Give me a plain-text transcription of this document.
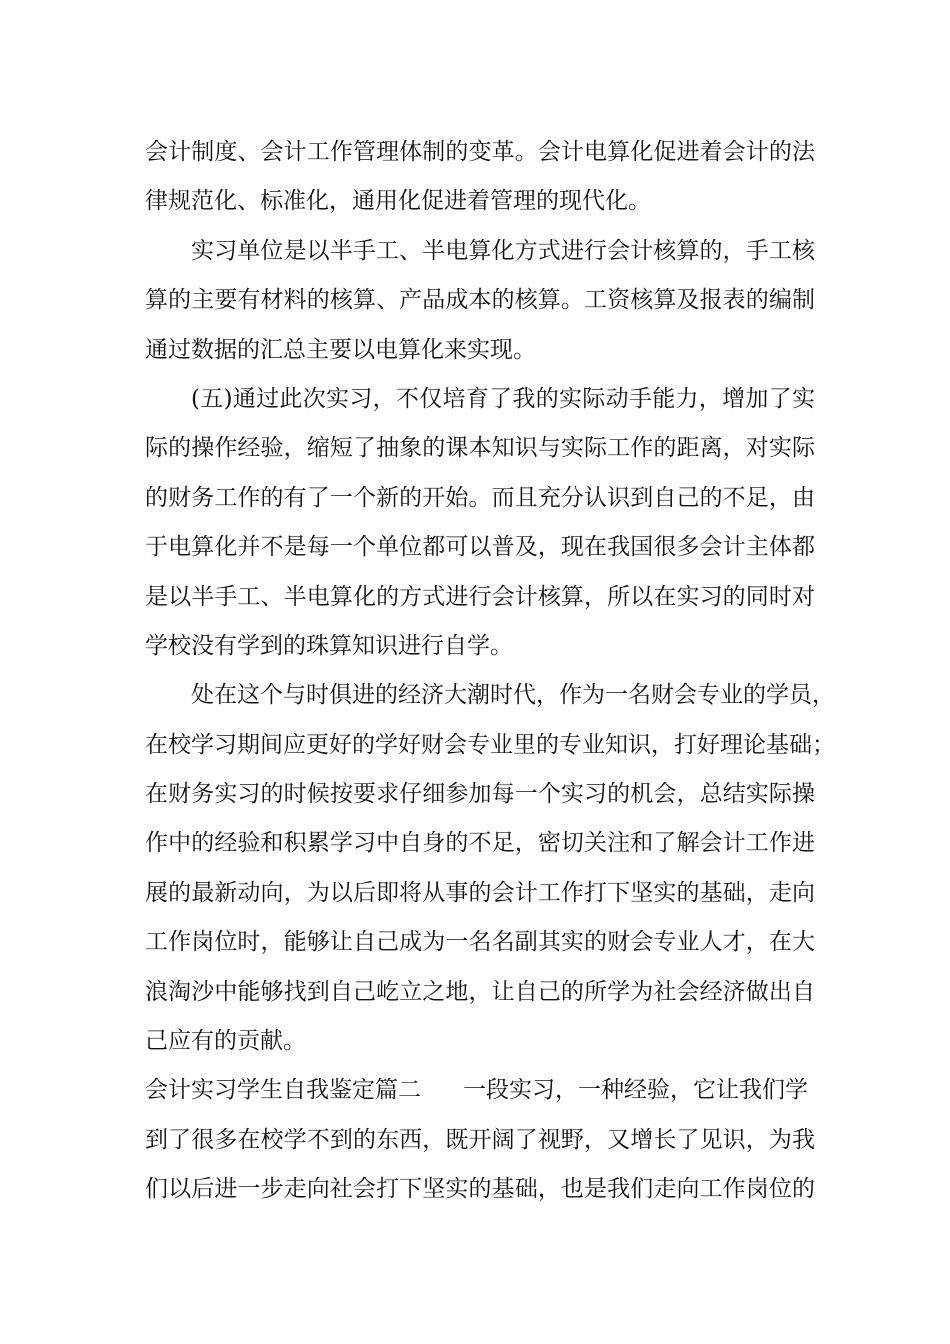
会计制度、会计工作管理体制的变革。会计电算化促进着会计的法
律规范化、标准化，通用化促进着管理的现代化。
实习单位是以半手工、半电算化方式进行会计核算的，手工核
算的主要有材料的核算、产品成本的核算。工资核算及报表的编制
通过数据的汇总主要以电算化来实现。
(五)通过此次实习，不仅培育了我的实际动手能力，增加了实
际的操作经验，缩短了抽象的课本知识与实际工作的距离，对实际
的财务工作的有了一个新的开始。而且充分认识到自己的不足，由
于电算化并不是每一个单位都可以普及，现在我国很多会计主体都
是以半手工、半电算化的方式进行会计核算，所以在实习的同时对
学校没有学到的珠算知识进行自学。
处在这个与时俱进的经济大潮时代，作为一名财会专业的学员，
在校学习期间应更好的学好财会专业里的专业知识，打好理论基础；
在财务实习的时候按要求仔细参加每一个实习的机会，总结实际操
作中的经验和积累学习中自身的不足，密切关注和了解会计工作进
展的最新动向，为以后即将从事的会计工作打下坚实的基础，走向
工作岗位时，能够让自己成为一名名副其实的财会专业人才，在大
浪淘沙中能够找到自己屹立之地，让自己的所学为社会经济做出自
己应有的贡献。
会计实习学生自我鉴定篇二 一段实习，一种经验，它让我们学
到了很多在校学不到的东西，既开阔了视野，又增长了见识，为我
们以后进一步走向社会打下坚实的基础，也是我们走向工作岗位的
